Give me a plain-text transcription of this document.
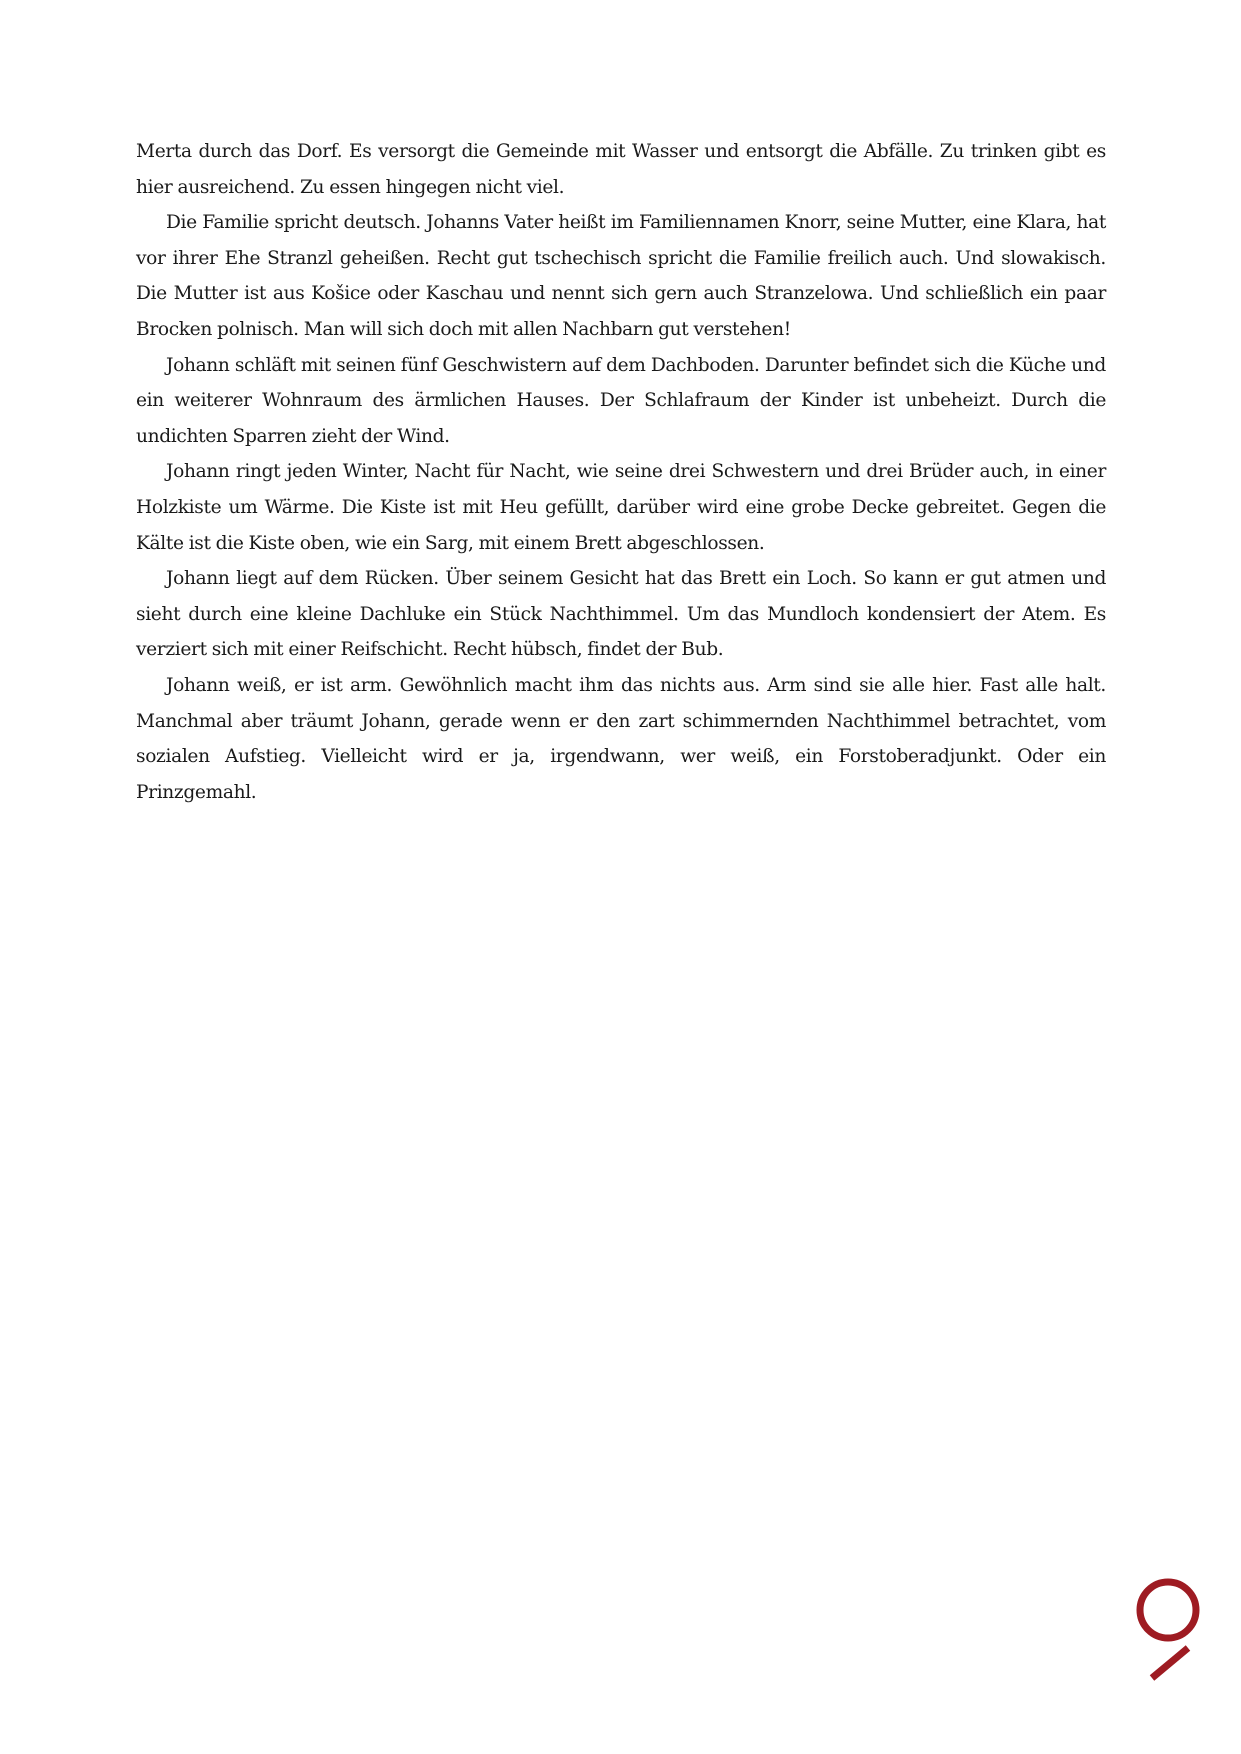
Merta durch das Dorf. Es versorgt die Gemeinde mit Wasser und entsorgt die Abfälle. Zu trinken gibt es hier ausreichend. Zu essen hingegen nicht viel.

Die Familie spricht deutsch. Johanns Vater heißt im Familiennamen Knorr, seine Mutter, eine Klara, hat vor ihrer Ehe Stranzl geheißen. Recht gut tschechisch spricht die Familie freilich auch. Und slowakisch. Die Mutter ist aus Košice oder Kaschau und nennt sich gern auch Stranzelowa. Und schließlich ein paar Brocken polnisch. Man will sich doch mit allen Nachbarn gut verstehen!

Johann schläft mit seinen fünf Geschwistern auf dem Dachboden. Darunter befindet sich die Küche und ein weiterer Wohnraum des ärmlichen Hauses. Der Schlafraum der Kinder ist unbeheizt. Durch die undichten Sparren zieht der Wind.

Johann ringt jeden Winter, Nacht für Nacht, wie seine drei Schwestern und drei Brüder auch, in einer Holzkiste um Wärme. Die Kiste ist mit Heu gefüllt, darüber wird eine grobe Decke gebreitet. Gegen die Kälte ist die Kiste oben, wie ein Sarg, mit einem Brett abgeschlossen.

Johann liegt auf dem Rücken. Über seinem Gesicht hat das Brett ein Loch. So kann er gut atmen und sieht durch eine kleine Dachluke ein Stück Nachthimmel. Um das Mundloch kondensiert der Atem. Es verziert sich mit einer Reifschicht. Recht hübsch, findet der Bub.

Johann weiß, er ist arm. Gewöhnlich macht ihm das nichts aus. Arm sind sie alle hier. Fast alle halt. Manchmal aber träumt Johann, gerade wenn er den zart schimmernden Nachthimmel betrachtet, vom sozialen Aufstieg. Vielleicht wird er ja, irgendwann, wer weiß, ein Forstoberadjunkt. Oder ein Prinzgemahl.
